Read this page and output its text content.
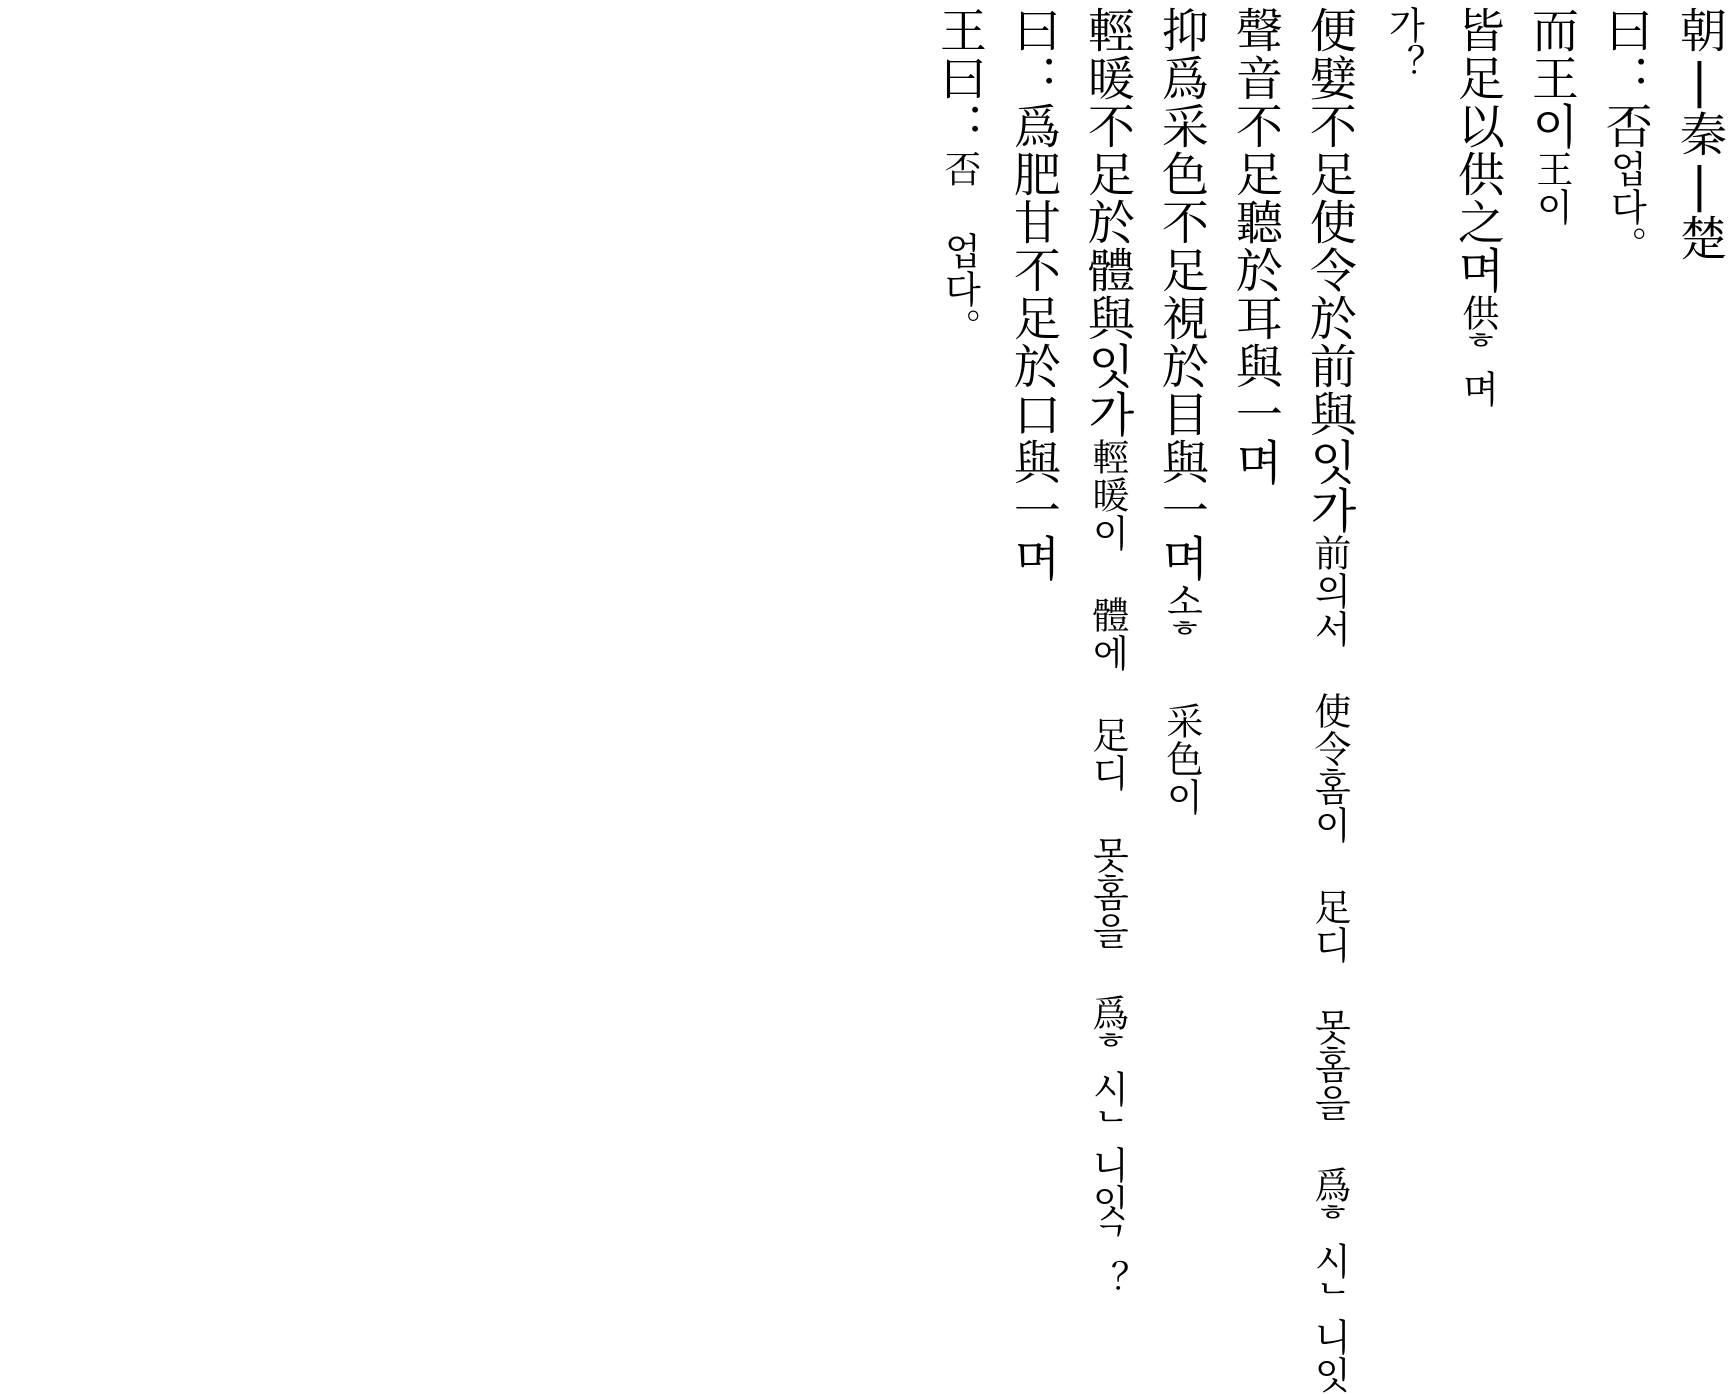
王曰：否 업다。 曰：爲肥甘不足於口與一며 輕暖不足於體與잇가輕暖이 體에 足디 못홈을 爲ᄒ시ᄂ니잇ᄀ？
抑爲采色不足視於目與一며소ᄒ 采色이
聲音不足聽於耳與一며 便嬖不足使令於前與잇가前의서 使令홈이 足디 못홈을 爲ᄒ시ᄂ니잇
가？ 皆足以供之며供ᄒ며
而王이王이
曰：否업다。 朝|秦|楚
